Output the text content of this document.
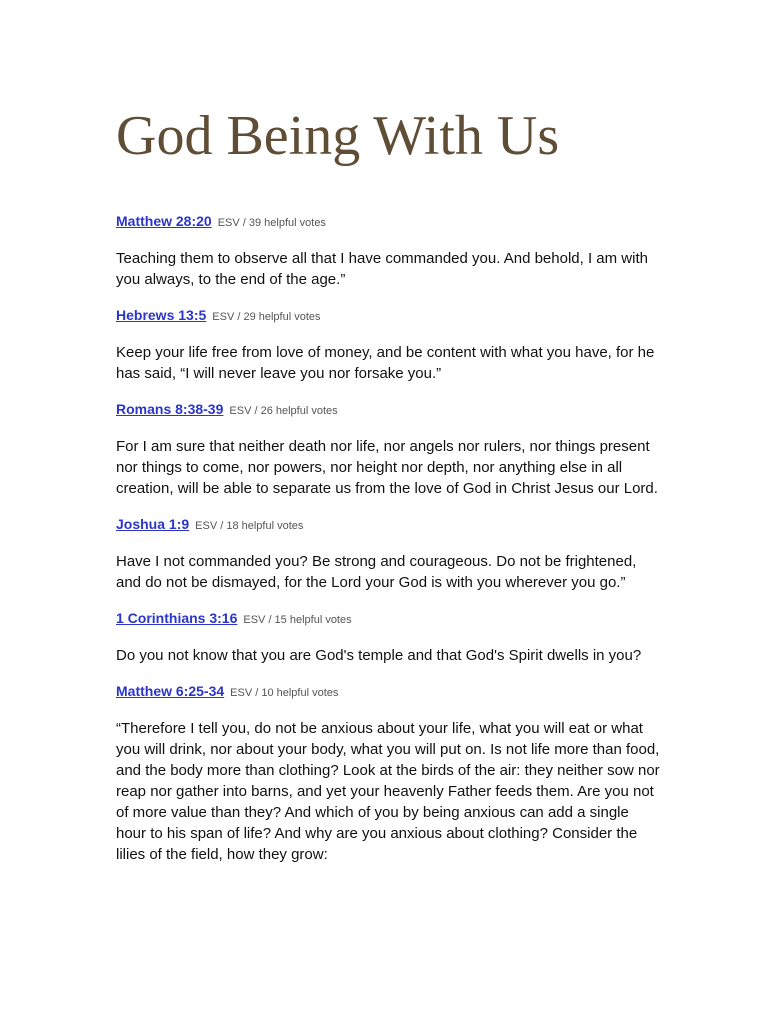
God Being With Us

Matthew 28:20 ESV / 39 helpful votes

Teaching them to observe all that I have commanded you. And behold, I am with you always, to the end of the age.”

Hebrews 13:5 ESV / 29 helpful votes

Keep your life free from love of money, and be content with what you have, for he has said, “I will never leave you nor forsake you.”

Romans 8:38-39 ESV / 26 helpful votes

For I am sure that neither death nor life, nor angels nor rulers, nor things present nor things to come, nor powers, nor height nor depth, nor anything else in all creation, will be able to separate us from the love of God in Christ Jesus our Lord.

Joshua 1:9 ESV / 18 helpful votes

Have I not commanded you? Be strong and courageous. Do not be frightened, and do not be dismayed, for the Lord your God is with you wherever you go.”

1 Corinthians 3:16 ESV / 15 helpful votes

Do you not know that you are God's temple and that God's Spirit dwells in you?

Matthew 6:25-34 ESV / 10 helpful votes

“Therefore I tell you, do not be anxious about your life, what you will eat or what you will drink, nor about your body, what you will put on. Is not life more than food, and the body more than clothing? Look at the birds of the air: they neither sow nor reap nor gather into barns, and yet your heavenly Father feeds them. Are you not of more value than they? And which of you by being anxious can add a single hour to his span of life? And why are you anxious about clothing? Consider the lilies of the field, how they grow:
